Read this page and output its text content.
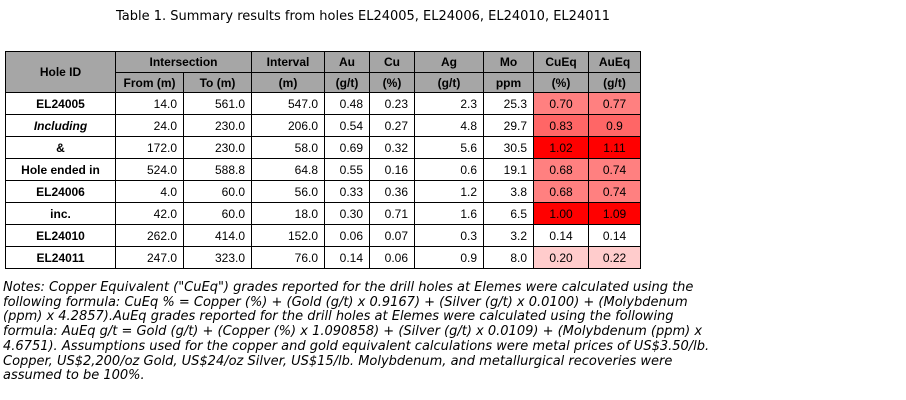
Table 1. Summary results from holes EL24005, EL24006, EL24010, EL24011
Hole ID	Intersection		Interval	Au	Cu	Ag	Mo	CuEq	AuEq
	From (m)	To (m)	(m)	(g/t)	(%)	(g/t)	ppm	(%)	(g/t)
EL24005	14.0	561.0	547.0	0.48	0.23	2.3	25.3	0.70	0.77
Including	24.0	230.0	206.0	0.54	0.27	4.8	29.7	0.83	0.9
&	172.0	230.0	58.0	0.69	0.32	5.6	30.5	1.02	1.11
Hole ended in	524.0	588.8	64.8	0.55	0.16	0.6	19.1	0.68	0.74
EL24006	4.0	60.0	56.0	0.33	0.36	1.2	3.8	0.68	0.74
inc.	42.0	60.0	18.0	0.30	0.71	1.6	6.5	1.00	1.09
EL24010	262.0	414.0	152.0	0.06	0.07	0.3	3.2	0.14	0.14
EL24011	247.0	323.0	76.0	0.14	0.06	0.9	8.0	0.20	0.22

Notes: Copper Equivalent ("CuEq") grades reported for the drill holes at Elemes were calculated using the following formula: CuEq % = Copper (%) + (Gold (g/t) x 0.9167) + (Silver (g/t) x 0.0100) + (Molybdenum (ppm) x 4.2857).AuEq grades reported for the drill holes at Elemes were calculated using the following formula: AuEq g/t = Gold (g/t) + (Copper (%) x 1.090858) + (Silver (g/t) x 0.0109) + (Molybdenum (ppm) x 4.6751). Assumptions used for the copper and gold equivalent calculations were metal prices of US$3.50/lb. Copper, US$2,200/oz Gold, US$24/oz Silver, US$15/lb. Molybdenum, and metallurgical recoveries were assumed to be 100%.
